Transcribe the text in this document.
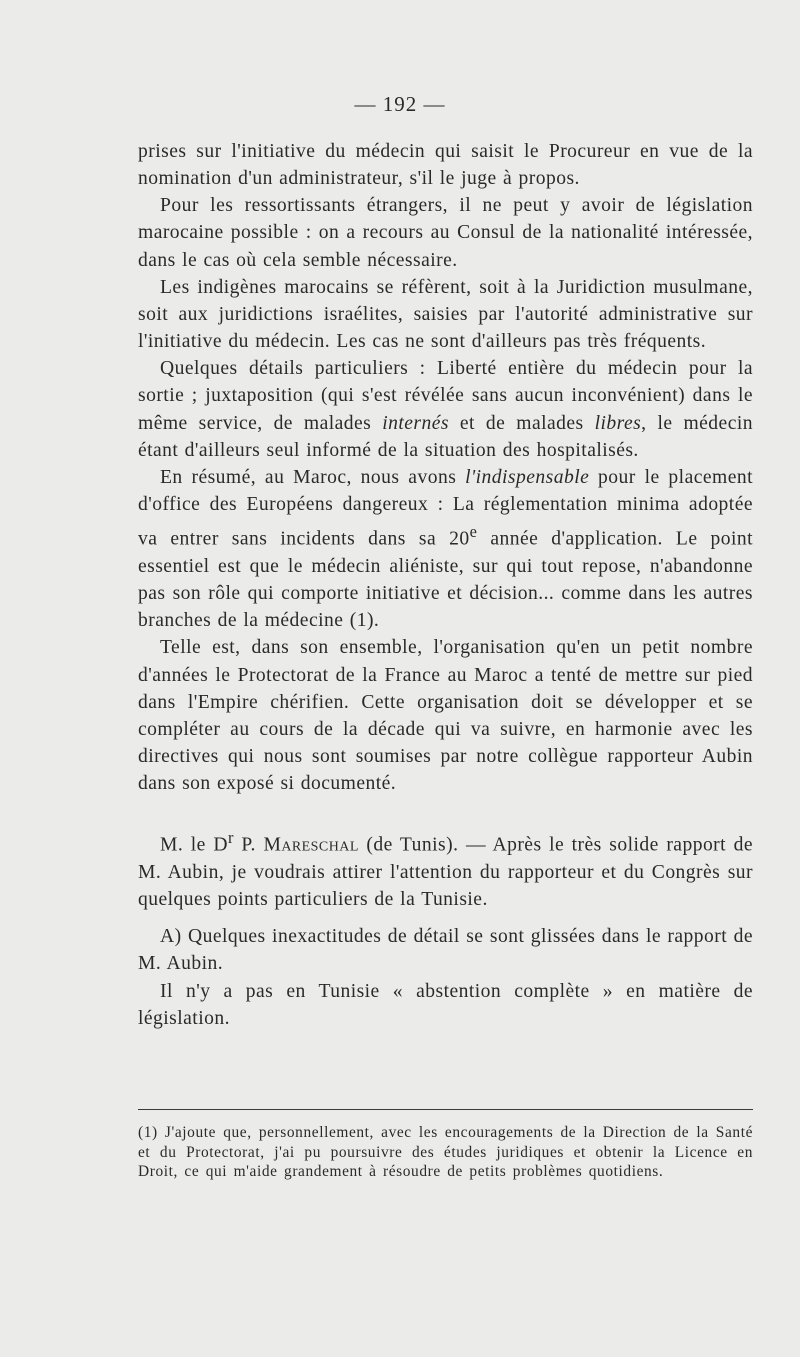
— 192 —

prises sur l'initiative du médecin qui saisit le Procureur en vue de la nomination d'un administrateur, s'il le juge à propos.

Pour les ressortissants étrangers, il ne peut y avoir de législation marocaine possible : on a recours au Consul de la nationalité intéressée, dans le cas où cela semble nécessaire.

Les indigènes marocains se réfèrent, soit à la Juridiction musulmane, soit aux juridictions israélites, saisies par l'autorité administrative sur l'initiative du médecin. Les cas ne sont d'ailleurs pas très fréquents.

Quelques détails particuliers : Liberté entière du médecin pour la sortie ; juxtaposition (qui s'est révélée sans aucun inconvénient) dans le même service, de malades internés et de malades libres, le médecin étant d'ailleurs seul informé de la situation des hospitalisés.

En résumé, au Maroc, nous avons l'indispensable pour le placement d'office des Européens dangereux : La réglementation minima adoptée va entrer sans incidents dans sa 20e année d'application. Le point essentiel est que le médecin aliéniste, sur qui tout repose, n'abandonne pas son rôle qui comporte initiative et décision... comme dans les autres branches de la médecine (1).

Telle est, dans son ensemble, l'organisation qu'en un petit nombre d'années le Protectorat de la France au Maroc a tenté de mettre sur pied dans l'Empire chérifien. Cette organisation doit se développer et se compléter au cours de la décade qui va suivre, en harmonie avec les directives qui nous sont soumises par notre collègue rapporteur Aubin dans son exposé si documenté.

M. le $D^r$ P. Mareschal (de Tunis). — Après le très solide rapport de M. Aubin, je voudrais attirer l'attention du rapporteur et du Congrès sur quelques points particuliers de la Tunisie.

A) Quelques inexactitudes de détail se sont glissées dans le rapport de M. Aubin.

Il n'y a pas en Tunisie « abstention complète » en matière de législation.

(1) J'ajoute que, personnellement, avec les encouragements de la Direction de la Santé et du Protectorat, j'ai pu poursuivre des études juridiques et obtenir la Licence en Droit, ce qui m'aide grandement à résoudre de petits problèmes quotidiens.
